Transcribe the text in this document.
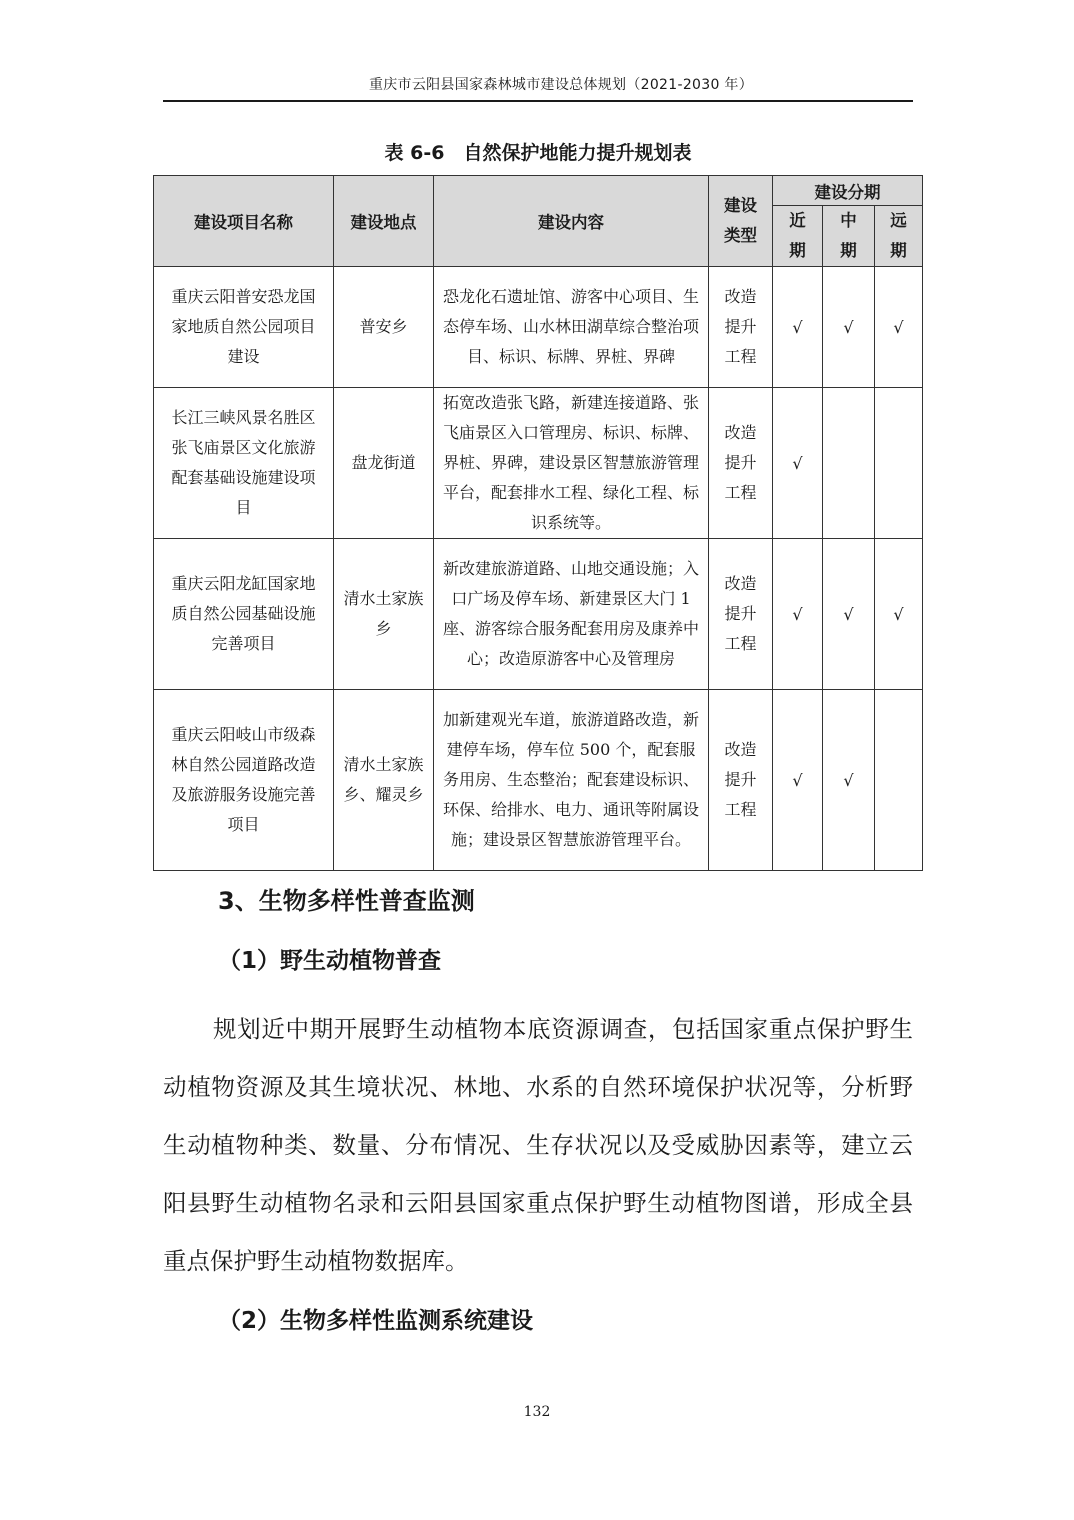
重庆市云阳县国家森林城市建设总体规划（2021-2030 年）
表 6-6　自然保护地能力提升规划表
建设项目名称	建设地点	建设内容	建设类型	建设分期		
				近期	中期	远期
重庆云阳普安恐龙国家地质自然公园项目建设	普安乡	恐龙化石遗址馆、游客中心项目、生态停车场、山水林田湖草综合整治项目、标识、标牌、界桩、界碑	改造提升工程	√	√	√
长江三峡风景名胜区张飞庙景区文化旅游配套基础设施建设项目	盘龙街道	拓宽改造张飞路，新建连接道路、张飞庙景区入口管理房、标识、标牌、界桩、界碑，建设景区智慧旅游管理平台，配套排水工程、绿化工程、标识系统等。	改造提升工程	√		
重庆云阳龙缸国家地质自然公园基础设施完善项目	清水土家族乡	新改建旅游道路、山地交通设施；入口广场及停车场、新建景区大门 1 座、游客综合服务配套用房及康养中心；改造原游客中心及管理房	改造提升工程	√	√	√
重庆云阳岐山市级森林自然公园道路改造及旅游服务设施完善项目	清水土家族乡、耀灵乡	加新建观光车道，旅游道路改造，新建停车场，停车位 500 个，配套服务用房、生态整治；配套建设标识、环保、给排水、电力、通讯等附属设施；建设景区智慧旅游管理平台。	改造提升工程	√	√	
3、生物多样性普查监测
（1）野生动植物普查
规划近中期开展野生动植物本底资源调查，包括国家重点保护野生动植物资源及其生境状况、林地、水系的自然环境保护状况等，分析野生动植物种类、数量、分布情况、生存状况以及受威胁因素等，建立云阳县野生动植物名录和云阳县国家重点保护野生动植物图谱，形成全县重点保护野生动植物数据库。
（2）生物多样性监测系统建设
132
